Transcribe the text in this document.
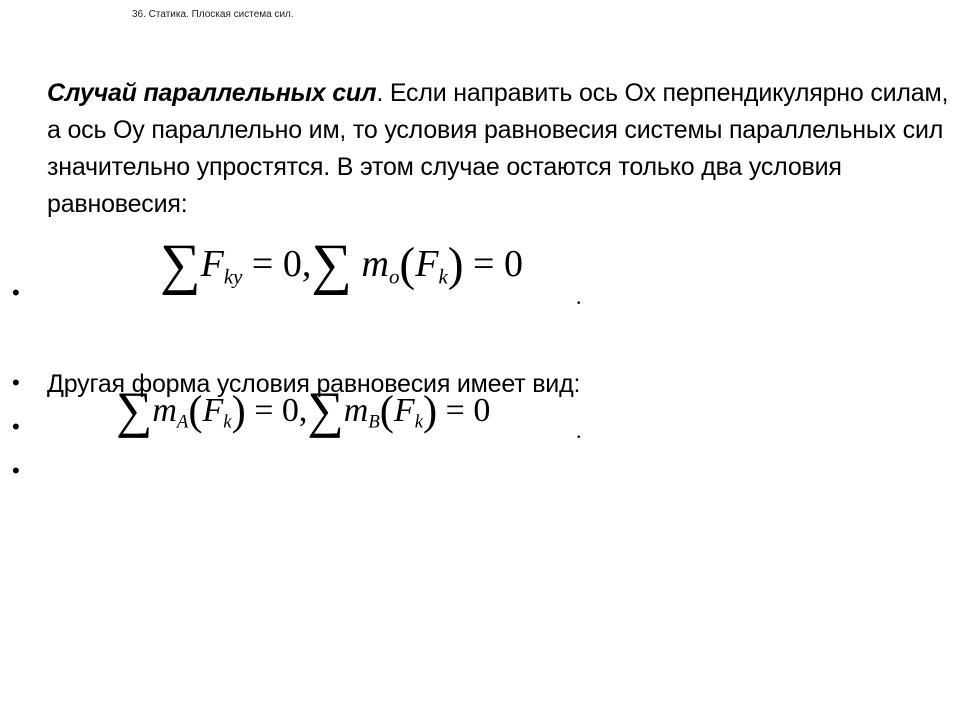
36. Статика. Плоская система сил.
Случай параллельных сил. Если направить ось Ох перпендикулярно силам, а ось Оу параллельно им, то условия равновесия системы параллельных сил значительно упростятся. В этом случае остаются только два условия равновесия:
$\sum F_{ky} = 0,\sum$ $m_o(F_k) = 0$
•	.
• Другая форма условия равновесия имеет вид:
$\sum m_A(F_k) = 0,\sum m_B(F_k) = 0$
•	.
•
